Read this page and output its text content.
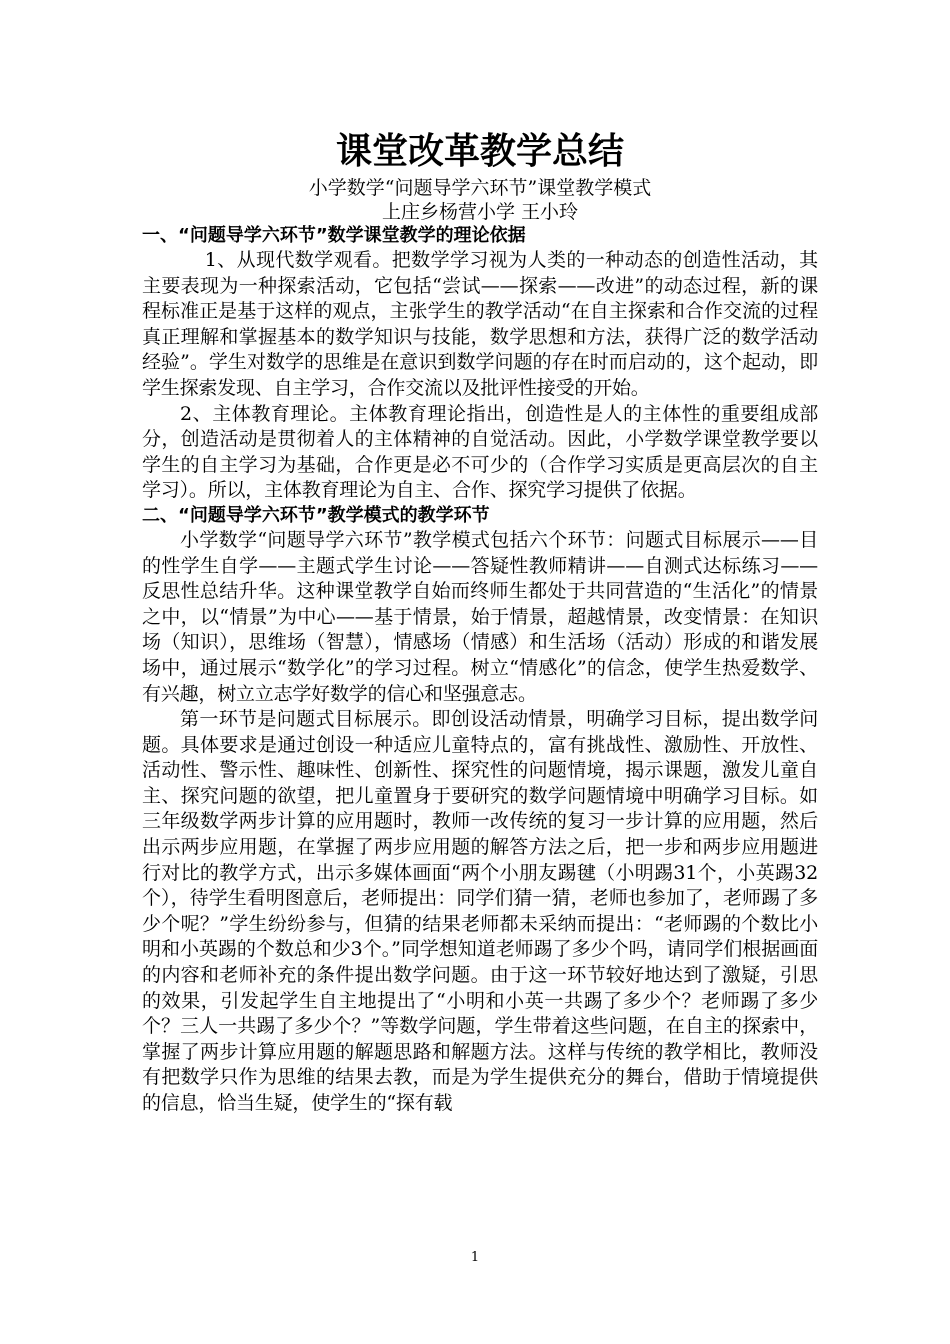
课堂改革教学总结

小学数学“问题导学六环节”课堂教学模式

上庄乡杨营小学 王小玲

一、“问题导学六环节”数学课堂教学的理论依据

1、从现代数学观看。把数学学习视为人类的一种动态的创造性活动，其主要表现为一种探索活动，它包括“尝试——探索——改进”的动态过程，新的课程标准正是基于这样的观点，主张学生的教学活动“在自主探索和合作交流的过程真正理解和掌握基本的数学知识与技能，数学思想和方法，获得广泛的数学活动经验”。学生对数学的思维是在意识到数学问题的存在时而启动的，这个起动，即学生探索发现、自主学习，合作交流以及批评性接受的开始。

2、主体教育理论。主体教育理论指出，创造性是人的主体性的重要组成部分，创造活动是贯彻着人的主体精神的自觉活动。因此，小学数学课堂教学要以学生的自主学习为基础，合作更是必不可少的（合作学习实质是更高层次的自主学习）。所以，主体教育理论为自主、合作、探究学习提供了依据。

二、“问题导学六环节”教学模式的教学环节

小学数学“问题导学六环节”教学模式包括六个环节：问题式目标展示——目的性学生自学——主题式学生讨论——答疑性教师精讲——自测式达标练习——反思性总结升华。这种课堂教学自始而终师生都处于共同营造的“生活化”的情景之中，以“情景”为中心——基于情景，始于情景，超越情景，改变情景：在知识场（知识），思维场（智慧），情感场（情感）和生活场（活动）形成的和谐发展场中，通过展示“数学化”的学习过程。树立“情感化”的信念，使学生热爱数学、有兴趣，树立立志学好数学的信心和坚强意志。

第一环节是问题式目标展示。即创设活动情景，明确学习目标，提出数学问题。具体要求是通过创设一种适应儿童特点的，富有挑战性、激励性、开放性、活动性、警示性、趣味性、创新性、探究性的问题情境，揭示课题，激发儿童自主、探究问题的欲望，把儿童置身于要研究的数学问题情境中明确学习目标。如三年级数学两步计算的应用题时，教师一改传统的复习一步计算的应用题，然后出示两步应用题，在掌握了两步应用题的解答方法之后，把一步和两步应用题进行对比的教学方式，出示多媒体画面“两个小朋友踢毽（小明踢31个，小英踢32个），待学生看明图意后，老师提出：同学们猜一猜，老师也参加了，老师踢了多少个呢？”学生纷纷参与，但猜的结果老师都未采纳而提出：“老师踢的个数比小明和小英踢的个数总和少3个。”同学想知道老师踢了多少个吗，请同学们根据画面的内容和老师补充的条件提出数学问题。由于这一环节较好地达到了激疑，引思的效果，引发起学生自主地提出了“小明和小英一共踢了多少个？老师踢了多少个？三人一共踢了多少个？”等数学问题，学生带着这些问题，在自主的探索中，掌握了两步计算应用题的解题思路和解题方法。这样与传统的教学相比，教师没有把数学只作为思维的结果去教，而是为学生提供充分的舞台，借助于情境提供的信息，恰当生疑，使学生的“探有载

1
